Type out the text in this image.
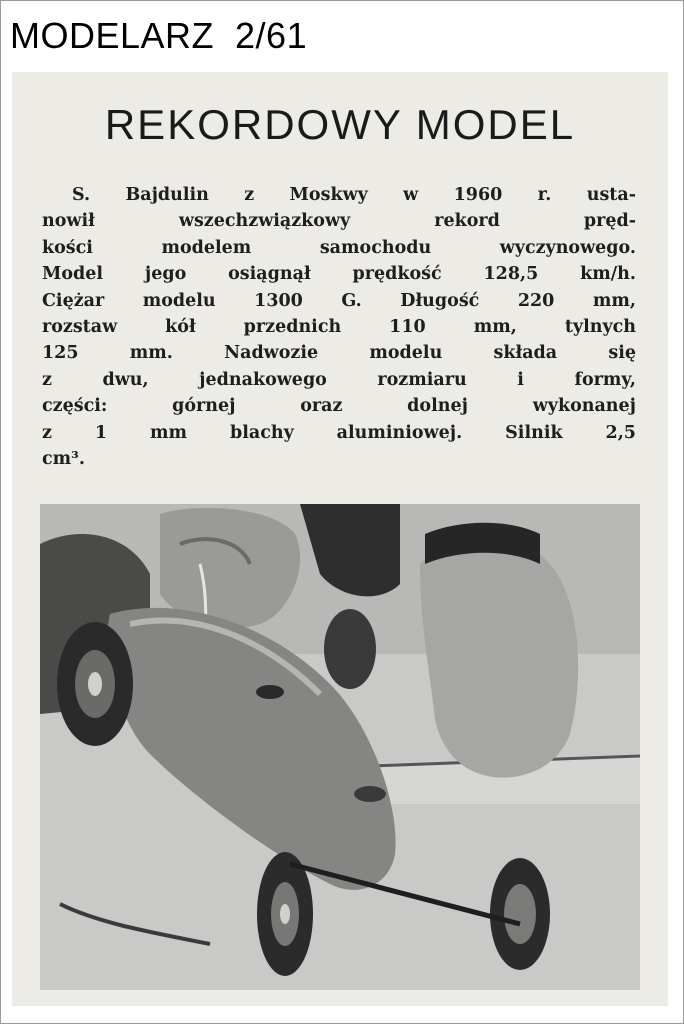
MODELARZ  2/61
REKORDOWY MODEL
S. Bajdulin z Moskwy w 1960 r. usta-
nowił wszechzwiązkowy rekord pręd-
kości modelem samochodu wyczynowego.
Model jego osiągnął prędkość 128,5 km/h.
Ciężar modelu 1300 G. Długość 220 mm,
rozstaw kół przednich 110 mm, tylnych
125 mm. Nadwozie modelu składa się
z dwu, jednakowego rozmiaru i formy,
części: górnej oraz dolnej wykonanej
z 1 mm blachy aluminiowej. Silnik 2,5
cm³.
